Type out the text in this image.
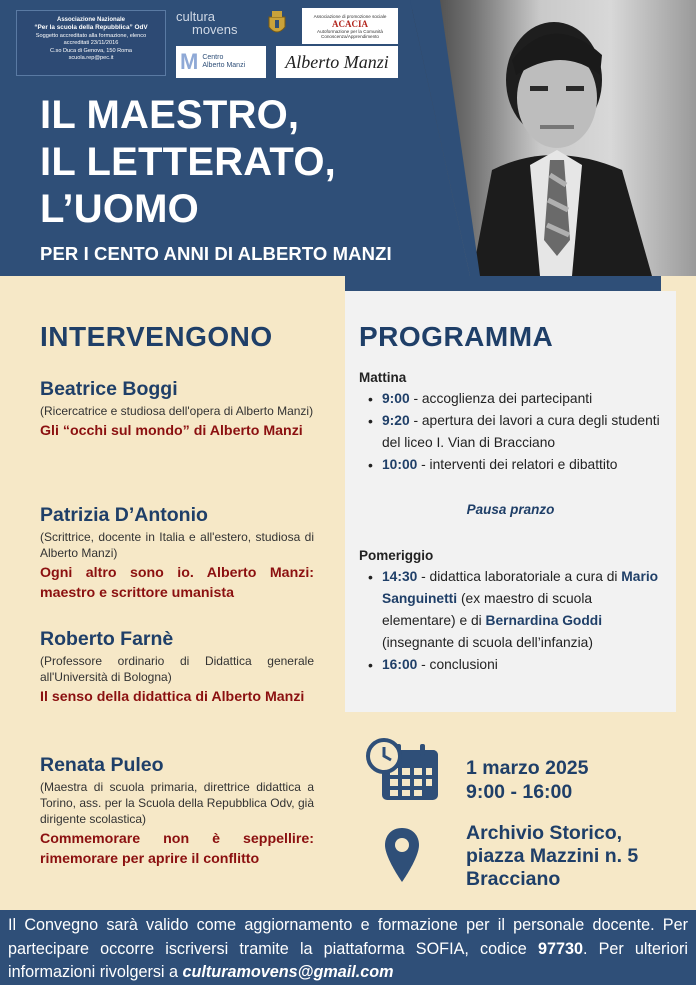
Associazione Nazionale
“Per la scuola della Repubblica” OdV
Soggetto accreditato alla formazione, elenco
accreditati 23/11/2016
C.so Duca di Genova, 150 Roma
scuola.rep@pec.it
cultura
movens
Associazione di promozione sociale
ACACIA
Autoformazione per la Comunità Conoscenza/Apprendimento
M Centro
Alberto Manzi	Alberto Manzi
IL MAESTRO,
IL LETTERATO,
L’UOMO
PER I CENTO ANNI DI ALBERTO MANZI
INTERVENGONO
Beatrice Boggi
(Ricercatrice e studiosa dell'opera di Alberto Manzi)
Gli “occhi sul mondo” di Alberto Manzi
Patrizia D’Antonio
(Scrittrice, docente in Italia e all'estero, studiosa di Alberto Manzi)
Ogni altro sono io. Alberto Manzi: maestro e scrittore umanista
Roberto Farnè
(Professore ordinario di Didattica generale all'Università di Bologna)
Il senso della didattica di Alberto Manzi
Renata Puleo
(Maestra di scuola primaria, direttrice didattica a Torino, ass. per la Scuola della Repubblica Odv, già dirigente scolastica)
Commemorare non è seppellire: rimemorare per aprire il conflitto
PROGRAMMA
Mattina
• 9:00 - accoglienza dei partecipanti
• 9:20 - apertura dei lavori a cura degli studenti del liceo I. Vian di Bracciano
• 10:00 - interventi dei relatori e dibattito
Pausa pranzo
Pomeriggio
• 14:30 - didattica laboratoriale a cura di Mario Sanguinetti (ex maestro di scuola elementare) e di Bernardina Goddi (insegnante di scuola dell’infanzia)
• 16:00 - conclusioni
1 marzo 2025
9:00 - 16:00
Archivio Storico,
piazza Mazzini n. 5
Bracciano
Il Convegno sarà valido come aggiornamento e formazione per il personale docente. Per partecipare occorre iscriversi tramite la piattaforma SOFIA, codice 97730. Per ulteriori informazioni rivolgersi a culturamovens@gmail.com
